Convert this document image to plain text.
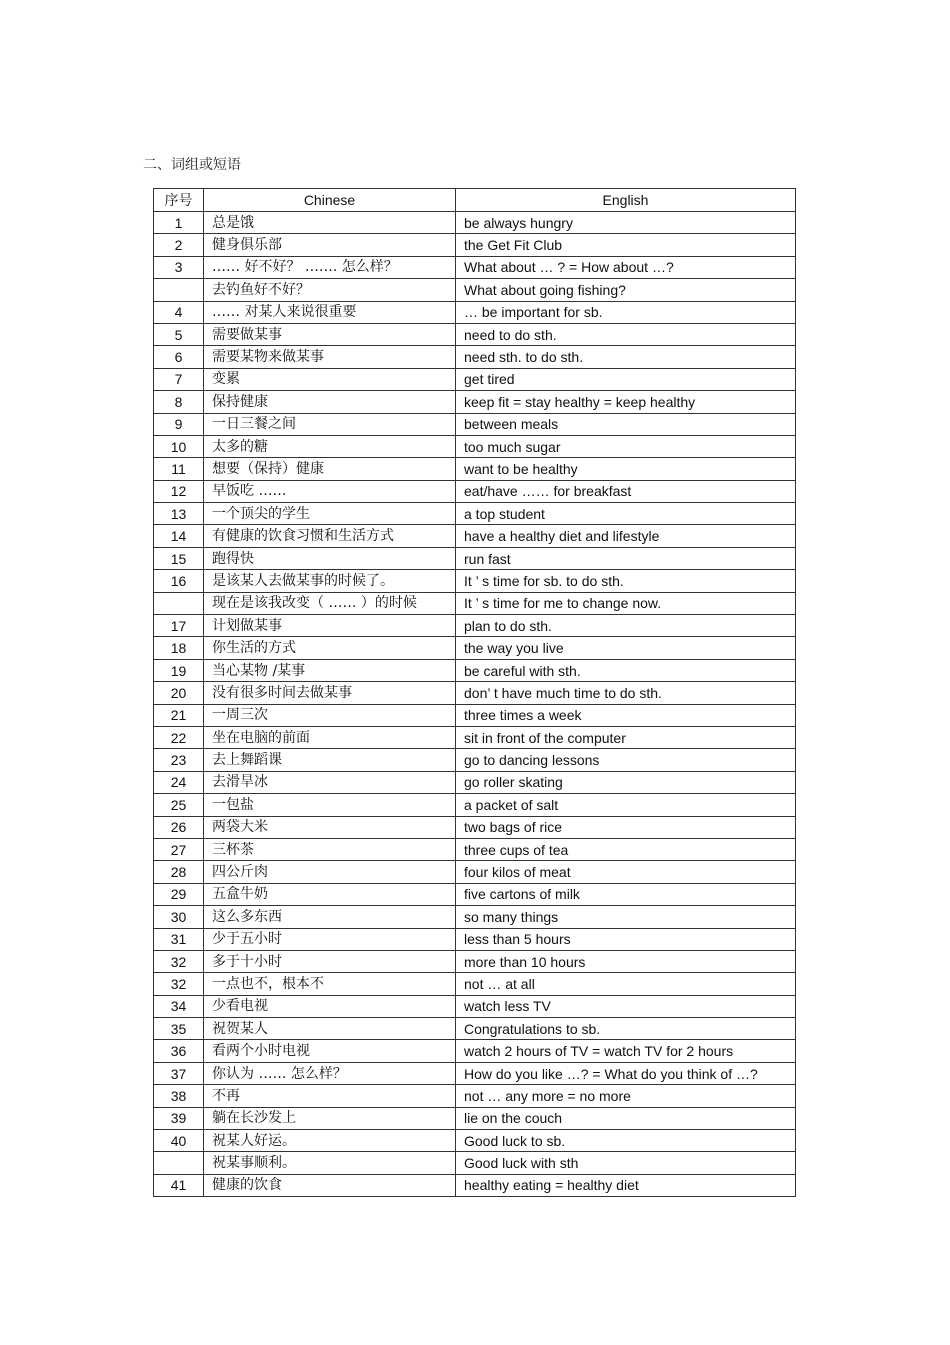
二、词组或短语
序号	Chinese	English
1	总是饿	be always hungry
2	健身俱乐部	the Get Fit Club
3	…… 好不好？ ……. 怎么样？	What about … ? = How about …?
	去钓鱼好不好？	What about going fishing?
4	…… 对某人来说很重要	… be important for sb.
5	需要做某事	need to do sth.
6	需要某物来做某事	need sth. to do sth.
7	变累	get tired
8	保持健康	keep fit = stay healthy = keep healthy
9	一日三餐之间	between meals
10	太多的糖	too much sugar
11	想要（保持）健康	want to be healthy
12	早饭吃 ……	eat/have …… for breakfast
13	一个顶尖的学生	a top student
14	有健康的饮食习惯和生活方式	have a healthy diet and lifestyle
15	跑得快	run fast
16	是该某人去做某事的时候了。	It ’ s time for sb. to do sth.
	现在是该我改变（ …… ）的时候	It ’ s time for me to change now.
17	计划做某事	plan to do sth.
18	你生活的方式	the way you live
19	当心某物 /某事	be careful with sth.
20	没有很多时间去做某事	don’ t have much time to do sth.
21	一周三次	three times a week
22	坐在电脑的前面	sit in front of the computer
23	去上舞蹈课	go to dancing lessons
24	去滑旱冰	go roller skating
25	一包盐	a packet of salt
26	两袋大米	two bags of rice
27	三杯茶	three cups of tea
28	四公斤肉	four kilos of meat
29	五盒牛奶	five cartons of milk
30	这么多东西	so many things
31	少于五小时	less than 5 hours
32	多于十小时	more than 10 hours
32	一点也不，根本不	not … at all
34	少看电视	watch less TV
35	祝贺某人	Congratulations to sb.
36	看两个小时电视	watch 2 hours of TV = watch TV for 2 hours
37	你认为 …… 怎么样？	How do you like …? = What do you think of …?
38	不再	not … any more = no more
39	躺在长沙发上	lie on the couch
40	祝某人好运。	Good luck to sb.
	祝某事顺利。	Good luck with sth
41	健康的饮食	healthy eating = healthy diet
